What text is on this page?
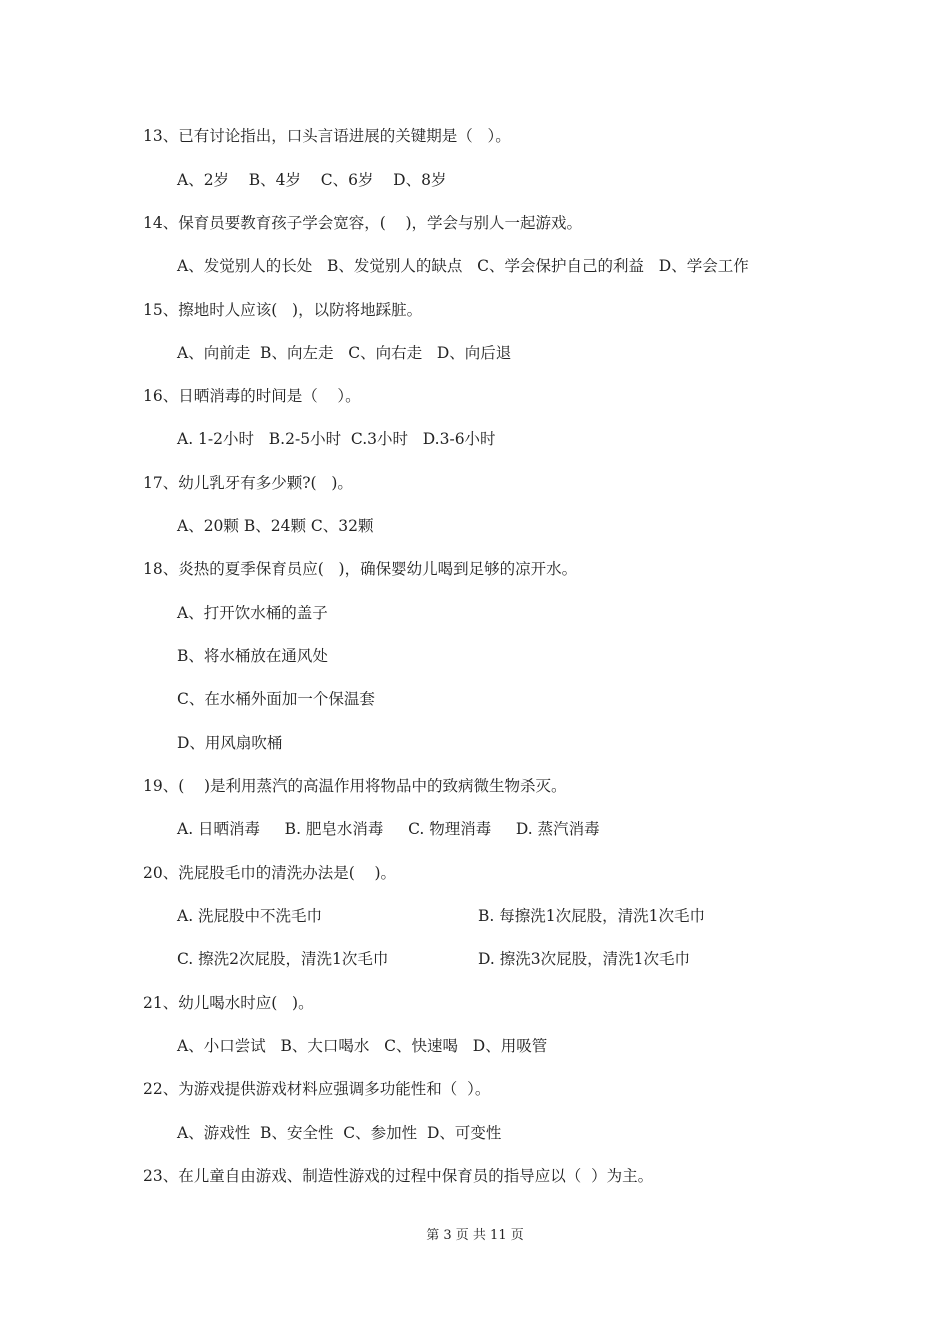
13、已有讨论指出，口头言语进展的关键期是（   ）。
A、2岁    B、4岁    C、6岁    D、8岁
14、保育员要教育孩子学会宽容，(    )，学会与别人一起游戏。
A、发觉别人的长处   B、发觉别人的缺点   C、学会保护自己的利益   D、学会工作
15、擦地时人应该(   )，以防将地踩脏。
A、向前走  B、向左走   C、向右走   D、向后退
16、日晒消毒的时间是（    ）。
A. 1-2小时   B.2-5小时  C.3小时   D.3-6小时
17、幼儿乳牙有多少颗?(   )。
A、20颗 B、24颗 C、32颗
18、炎热的夏季保育员应(   )，确保婴幼儿喝到足够的凉开水。
A、打开饮水桶的盖子
B、将水桶放在通风处
C、在水桶外面加一个保温套
D、用风扇吹桶
19、(    )是利用蒸汽的高温作用将物品中的致病微生物杀灭。
A. 日晒消毒     B. 肥皂水消毒     C. 物理消毒     D. 蒸汽消毒
20、洗屁股毛巾的清洗办法是(    )。
A. 洗屁股中不洗毛巾	B. 每擦洗1次屁股，清洗1次毛巾
C. 擦洗2次屁股，清洗1次毛巾	D. 擦洗3次屁股，清洗1次毛巾
21、幼儿喝水时应(   )。
A、小口尝试   B、大口喝水   C、快速喝   D、用吸管
22、为游戏提供游戏材料应强调多功能性和（  ）。
A、游戏性  B、安全性  C、参加性  D、可变性
23、在儿童自由游戏、制造性游戏的过程中保育员的指导应以（  ）为主。
第 3 页 共 11 页
